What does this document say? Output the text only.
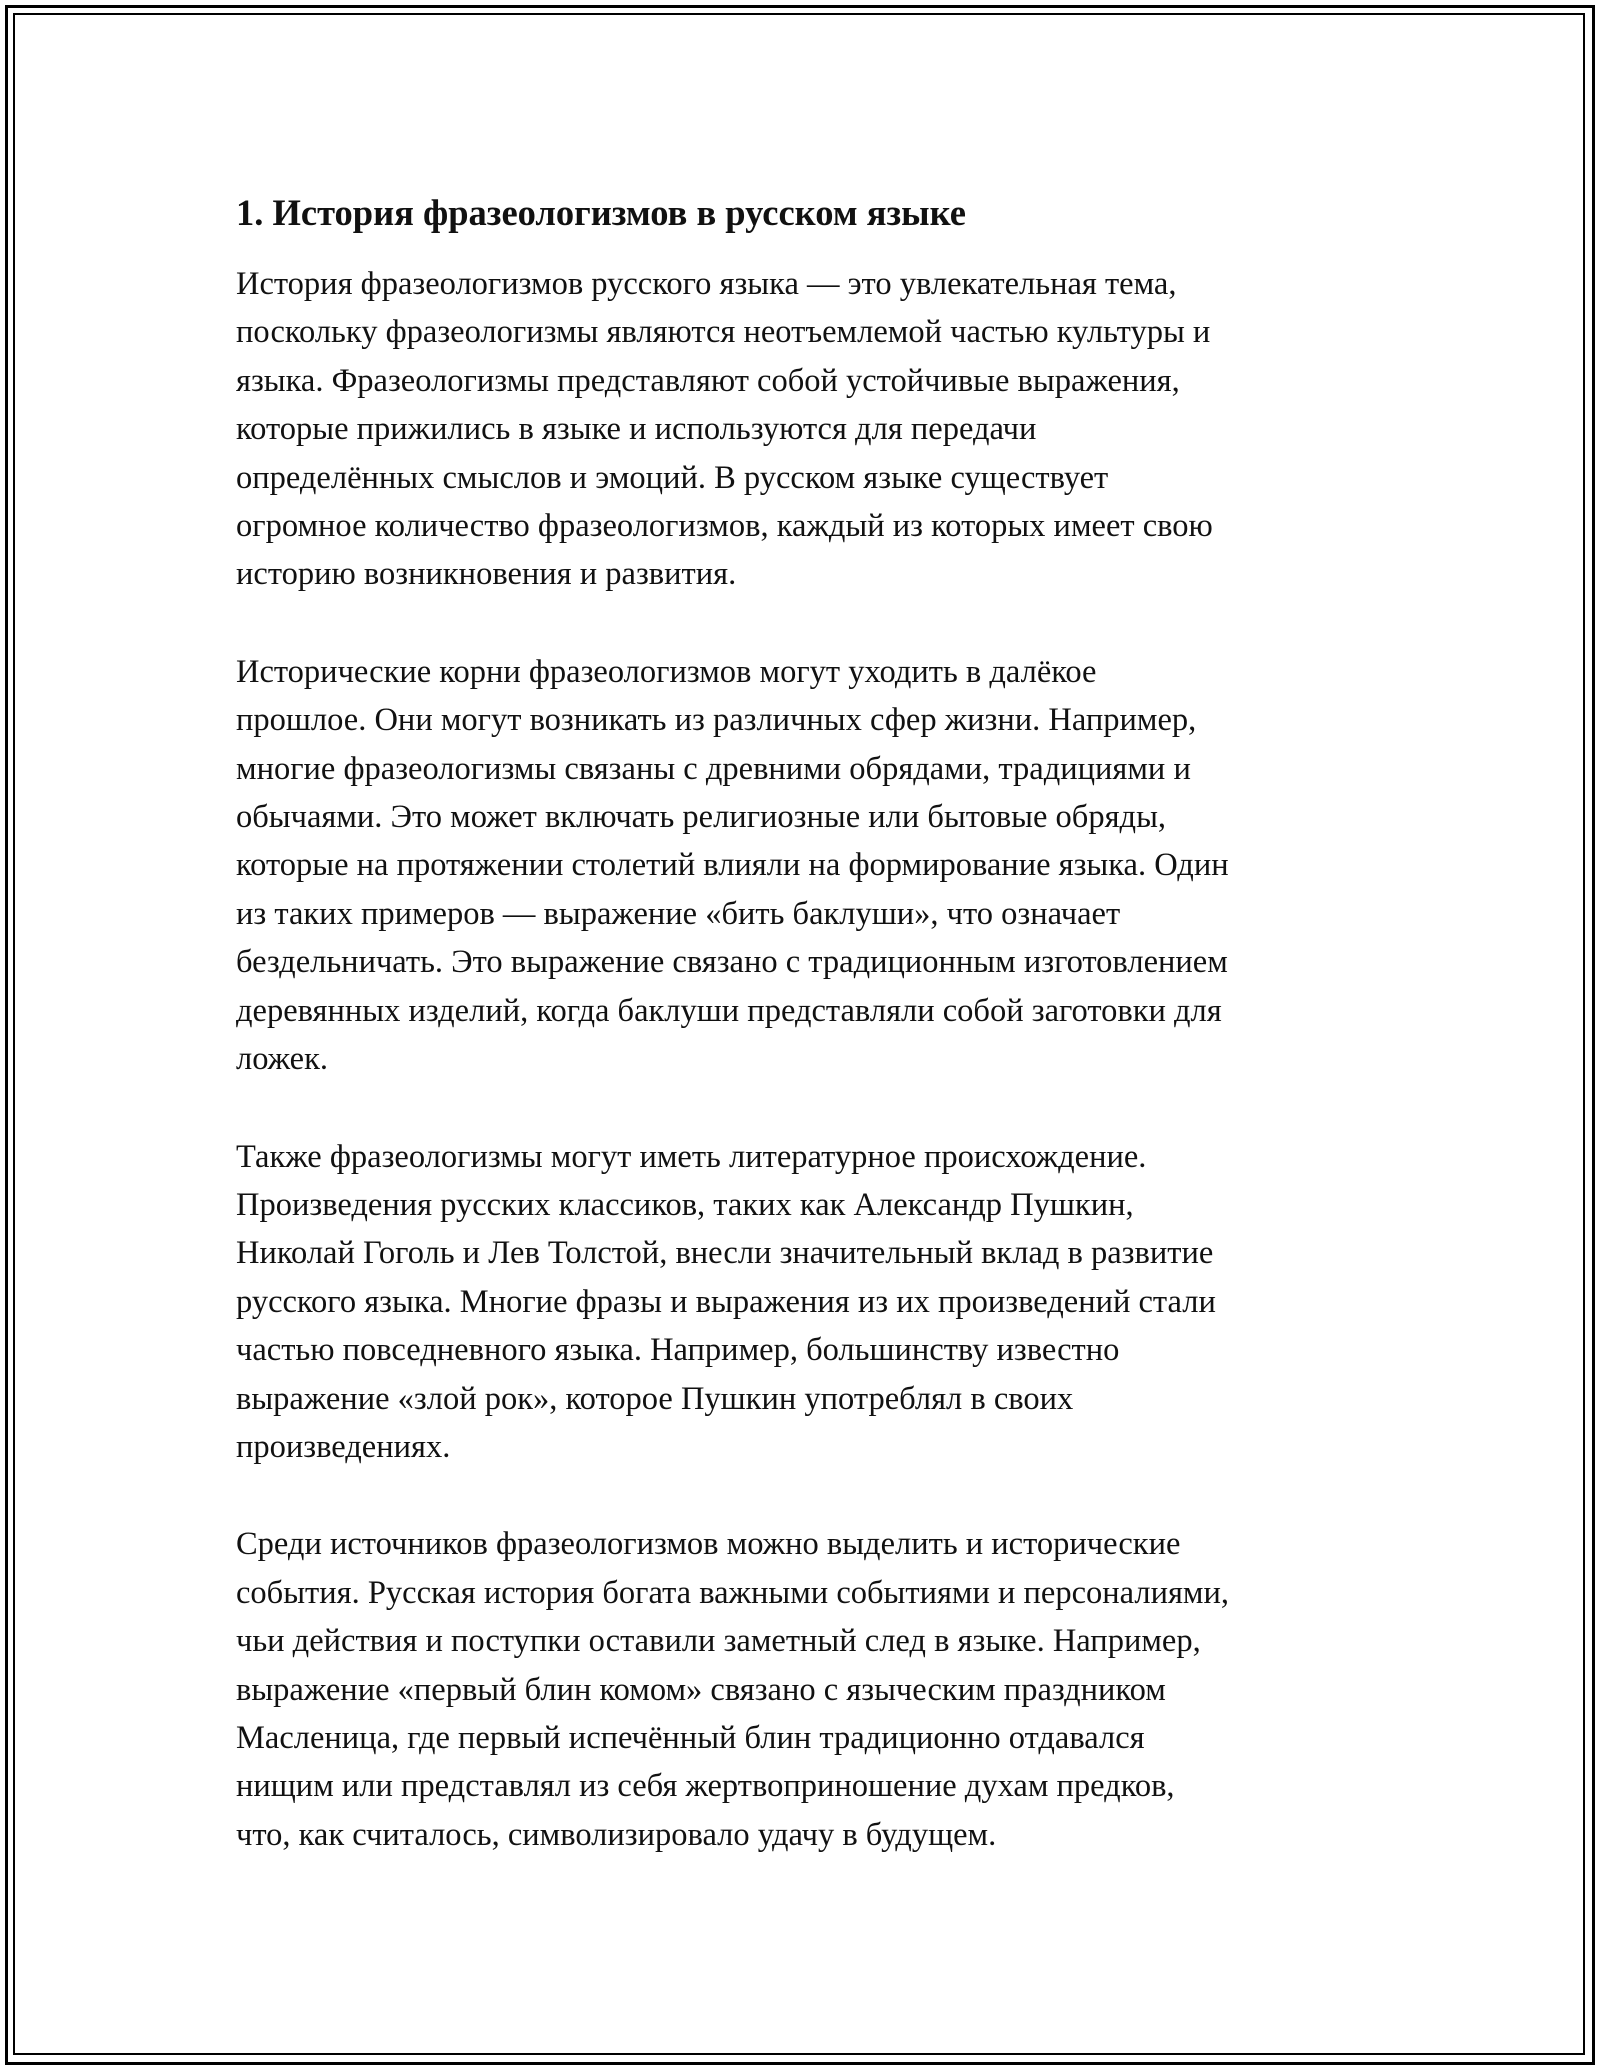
1. История фразеологизмов в русском языке

История фразеологизмов русского языка — это увлекательная тема,
поскольку фразеологизмы являются неотъемлемой частью культуры и
языка. Фразеологизмы представляют собой устойчивые выражения,
которые прижились в языке и используются для передачи
определённых смыслов и эмоций. В русском языке существует
огромное количество фразеологизмов, каждый из которых имеет свою
историю возникновения и развития.

Исторические корни фразеологизмов могут уходить в далёкое
прошлое. Они могут возникать из различных сфер жизни. Например,
многие фразеологизмы связаны с древними обрядами, традициями и
обычаями. Это может включать религиозные или бытовые обряды,
которые на протяжении столетий влияли на формирование языка. Один
из таких примеров — выражение «бить баклуши», что означает
бездельничать. Это выражение связано с традиционным изготовлением
деревянных изделий, когда баклуши представляли собой заготовки для
ложек.

Также фразеологизмы могут иметь литературное происхождение.
Произведения русских классиков, таких как Александр Пушкин,
Николай Гоголь и Лев Толстой, внесли значительный вклад в развитие
русского языка. Многие фразы и выражения из их произведений стали
частью повседневного языка. Например, большинству известно
выражение «злой рок», которое Пушкин употреблял в своих
произведениях.

Среди источников фразеологизмов можно выделить и исторические
события. Русская история богата важными событиями и персоналиями,
чьи действия и поступки оставили заметный след в языке. Например,
выражение «первый блин комом» связано с языческим праздником
Масленица, где первый испечённый блин традиционно отдавался
нищим или представлял из себя жертвоприношение духам предков,
что, как считалось, символизировало удачу в будущем.
